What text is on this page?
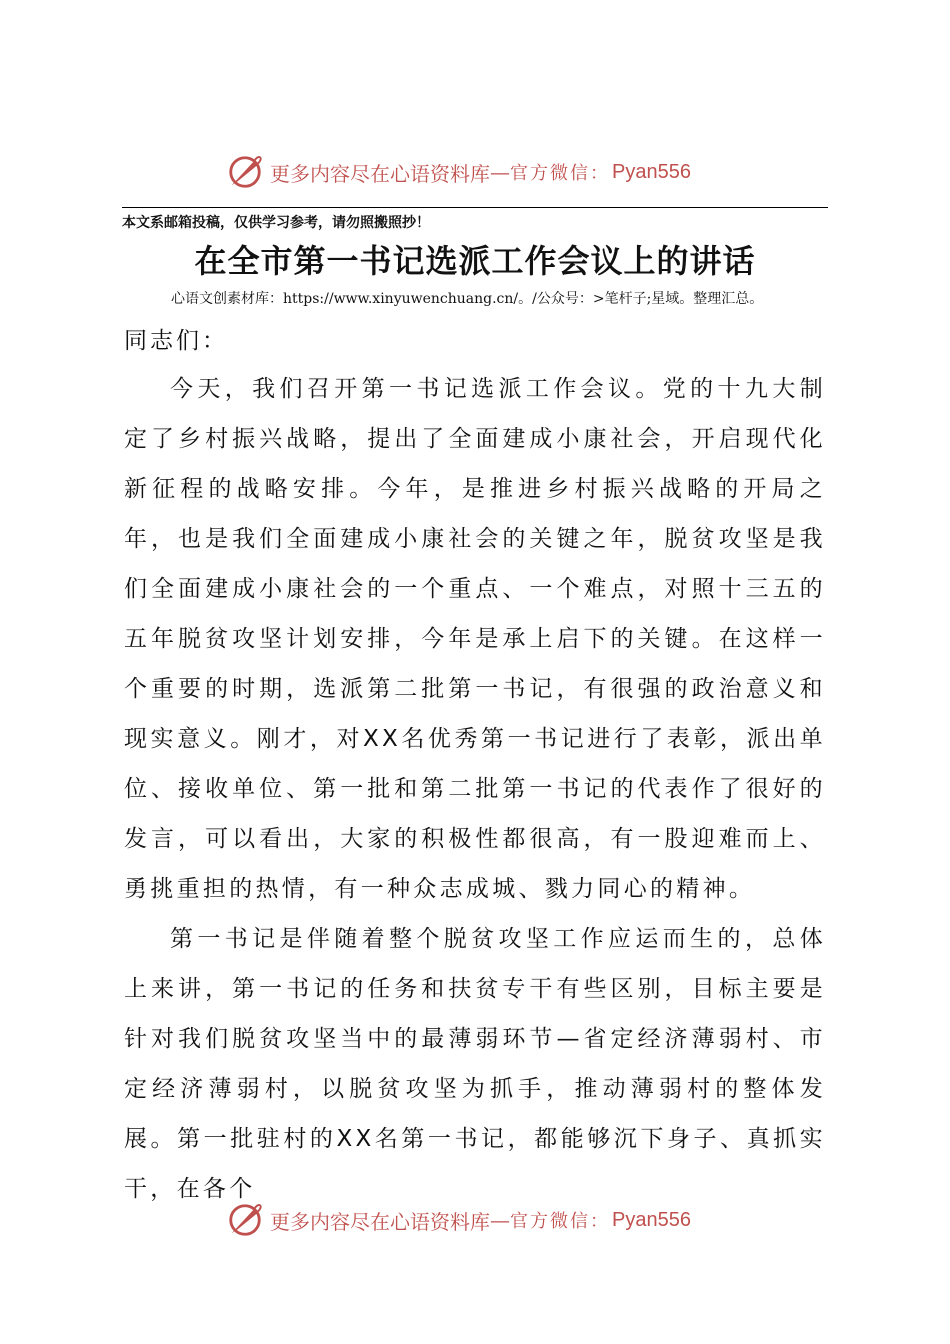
更多内容尽在心语资料库 — 官方微信： Pyan556
本文系邮箱投稿，仅供学习参考，请勿照搬照抄！
在全市第一书记选派工作会议上的讲话
心语文创素材库：https://www.xinyuwenchuang.cn/。/公众号：>笔杆子;星域。整理汇总。
同志们：

今天，我们召开第一书记选派工作会议。党的十九大制定了乡村振兴战略，提出了全面建成小康社会，开启现代化新征程的战略安排。今年，是推进乡村振兴战略的开局之年，也是我们全面建成小康社会的关键之年，脱贫攻坚是我们全面建成小康社会的一个重点、一个难点，对照十三五的五年脱贫攻坚计划安排，今年是承上启下的关键。在这样一个重要的时期，选派第二批第一书记，有很强的政治意义和现实意义。刚才，对XX名优秀第一书记进行了表彰，派出单位、接收单位、第一批和第二批第一书记的代表作了很好的发言，可以看出，大家的积极性都很高，有一股迎难而上、勇挑重担的热情，有一种众志成城、戮力同心的精神。

第一书记是伴随着整个脱贫攻坚工作应运而生的，总体上来讲，第一书记的任务和扶贫专干有些区别，目标主要是针对我们脱贫攻坚当中的最薄弱环节—省定经济薄弱村、市定经济薄弱村，以脱贫攻坚为抓手，推动薄弱村的整体发展。第一批驻村的XX名第一书记，都能够沉下身子、真抓实干，在各个

更多内容尽在心语资料库 — 官方微信： Pyan556
